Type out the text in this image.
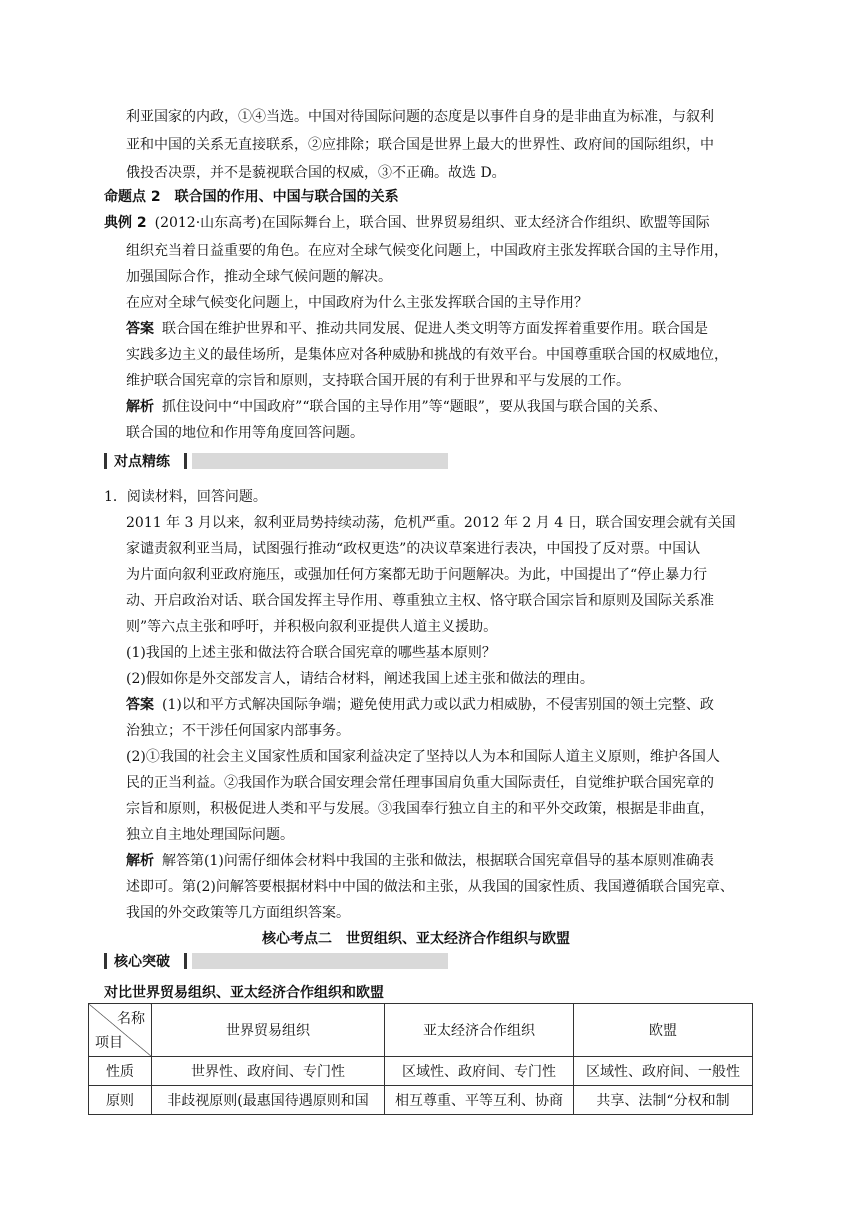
利亚国家的内政，①④当选。中国对待国际问题的态度是以事件自身的是非曲直为标准，与叙利
亚和中国的关系无直接联系，②应排除；联合国是世界上最大的世界性、政府间的国际组织，中
俄投否决票，并不是藐视联合国的权威，③不正确。故选 D。
命题点 2　联合国的作用、中国与联合国的关系
典例 2 (2012·山东高考)在国际舞台上，联合国、世界贸易组织、亚太经济合作组织、欧盟等国际
组织充当着日益重要的角色。在应对全球气候变化问题上，中国政府主张发挥联合国的主导作用，
加强国际合作，推动全球气候问题的解决。
在应对全球气候变化问题上，中国政府为什么主张发挥联合国的主导作用？
答案 联合国在维护世界和平、推动共同发展、促进人类文明等方面发挥着重要作用。联合国是
实践多边主义的最佳场所，是集体应对各种威胁和挑战的有效平台。中国尊重联合国的权威地位，
维护联合国宪章的宗旨和原则，支持联合国开展的有利于世界和平与发展的工作。
解析 抓住设问中“中国政府”“联合国的主导作用”等“题眼”，要从我国与联合国的关系、
联合国的地位和作用等角度回答问题。
对点精练
1．阅读材料，回答问题。
2011 年 3 月以来，叙利亚局势持续动荡，危机严重。2012 年 2 月 4 日，联合国安理会就有关国
家谴责叙利亚当局，试图强行推动“政权更迭”的决议草案进行表决，中国投了反对票。中国认
为片面向叙利亚政府施压，或强加任何方案都无助于问题解决。为此，中国提出了“停止暴力行
动、开启政治对话、联合国发挥主导作用、尊重独立主权、恪守联合国宗旨和原则及国际关系准
则”等六点主张和呼吁，并积极向叙利亚提供人道主义援助。
(1)我国的上述主张和做法符合联合国宪章的哪些基本原则？
(2)假如你是外交部发言人，请结合材料，阐述我国上述主张和做法的理由。
答案 (1)以和平方式解决国际争端；避免使用武力或以武力相威胁，不侵害别国的领土完整、政
治独立；不干涉任何国家内部事务。
(2)①我国的社会主义国家性质和国家利益决定了坚持以人为本和国际人道主义原则，维护各国人
民的正当利益。②我国作为联合国安理会常任理事国肩负重大国际责任，自觉维护联合国宪章的
宗旨和原则，积极促进人类和平与发展。③我国奉行独立自主的和平外交政策，根据是非曲直，
独立自主地处理国际问题。
解析 解答第(1)问需仔细体会材料中我国的主张和做法，根据联合国宪章倡导的基本原则准确表
述即可。第(2)问解答要根据材料中中国的做法和主张，从我国的国家性质、我国遵循联合国宪章、
我国的外交政策等几方面组织答案。
核心考点二　世贸组织、亚太经济合作组织与欧盟
核心突破
对比世界贸易组织、亚太经济合作组织和欧盟
名称
项目	世界贸易组织	亚太经济合作组织	欧盟
性质	世界性、政府间、专门性	区域性、政府间、专门性	区域性、政府间、一般性
原则	非歧视原则(最惠国待遇原则和国	相互尊重、平等互利、协商	共享、法制“分权和制
